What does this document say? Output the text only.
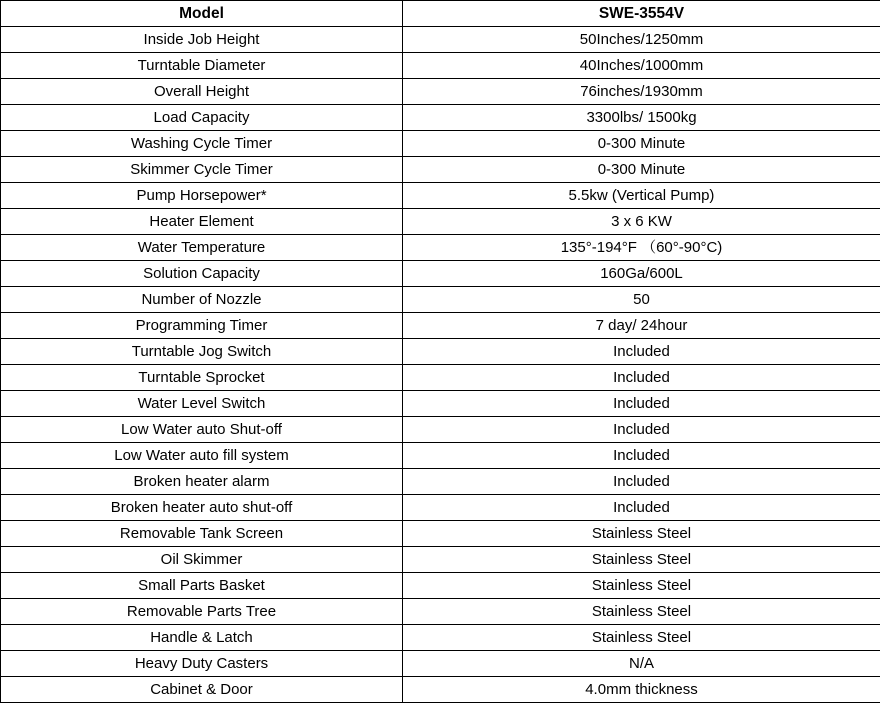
Model	SWE-3554V
Inside Job Height	50Inches/1250mm
Turntable Diameter	40Inches/1000mm
Overall Height	76inches/1930mm
Load Capacity	3300lbs/ 1500kg
Washing Cycle Timer	0-300 Minute
Skimmer Cycle Timer	0-300 Minute
Pump Horsepower*	5.5kw (Vertical Pump)
Heater Element	3 x 6 KW
Water Temperature	135°-194°F （60°-90°C)
Solution Capacity	160Ga/600L
Number of Nozzle	50
Programming Timer	7 day/ 24hour
Turntable Jog Switch	Included
Turntable Sprocket	Included
Water Level Switch	Included
Low Water auto Shut-off	Included
Low Water auto fill system	Included
Broken heater alarm	Included
Broken heater auto shut-off	Included
Removable Tank Screen	Stainless Steel
Oil Skimmer	Stainless Steel
Small Parts Basket	Stainless Steel
Removable Parts Tree	Stainless Steel
Handle & Latch	Stainless Steel
Heavy Duty Casters	N/A
Cabinet & Door	4.0mm thickness
